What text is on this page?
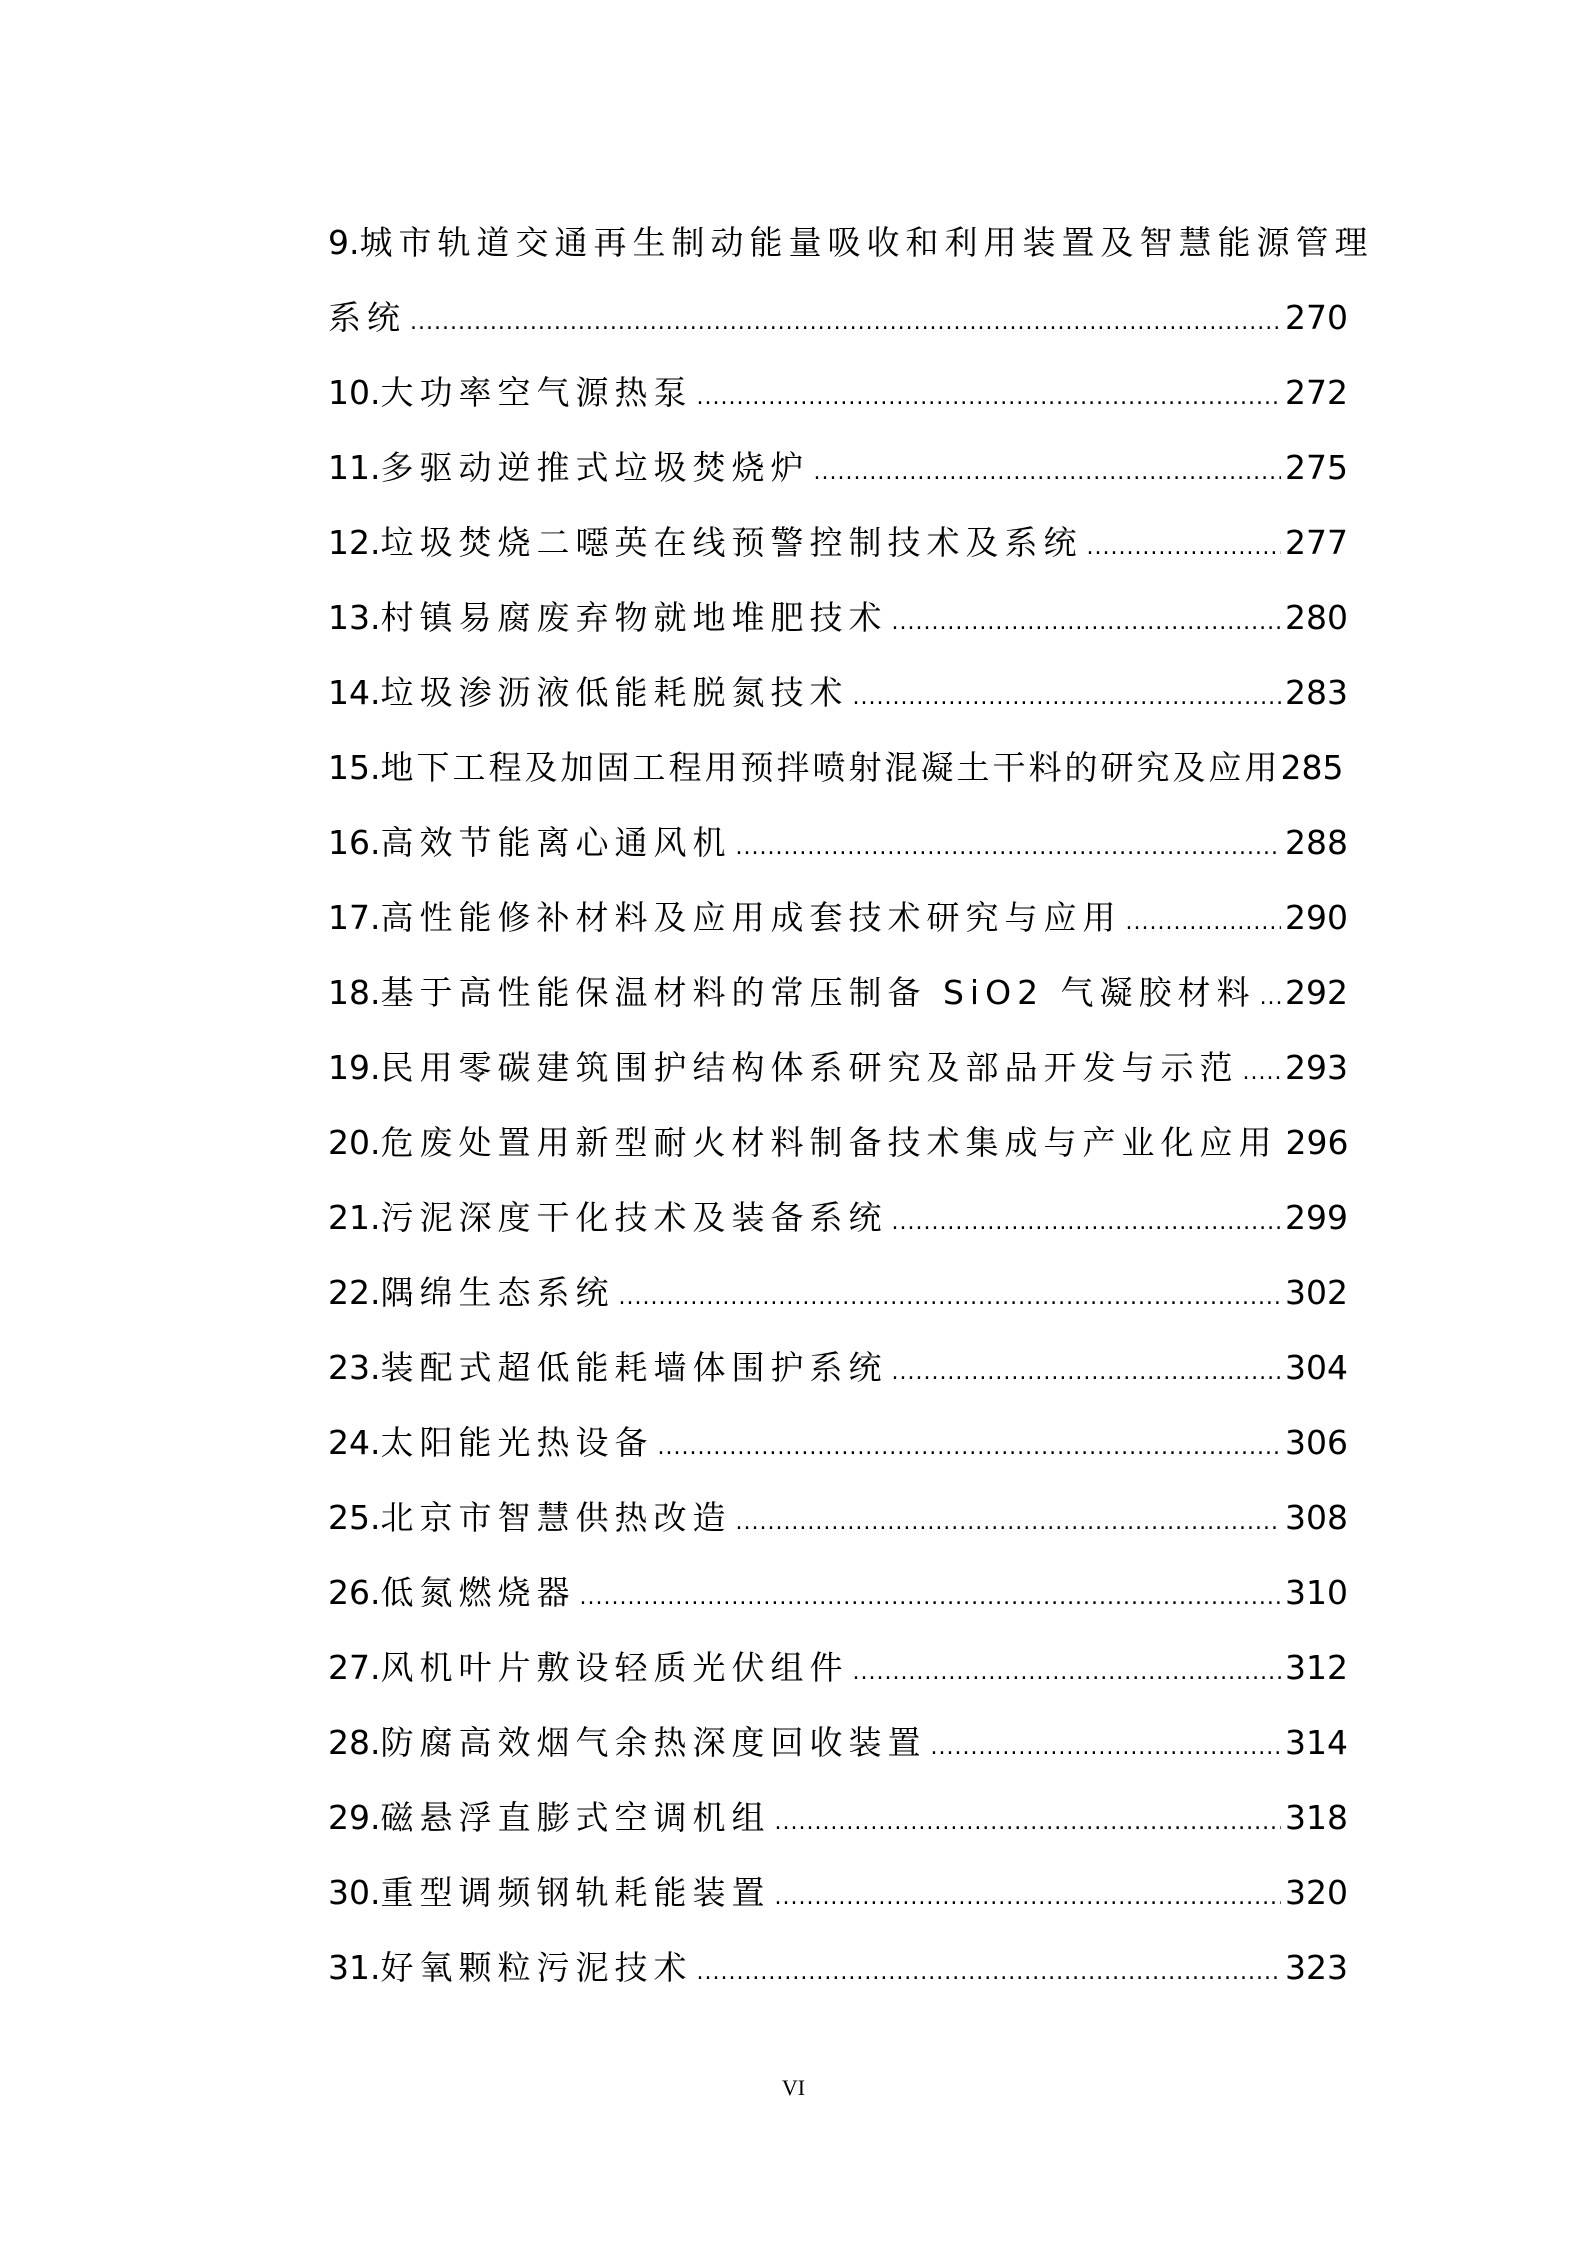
9. 城市轨道交通再生制动能量吸收和利用装置及智慧能源管理
系统 .....	270
10. 大功率空气源热泵 .....	272
11. 多驱动逆推式垃圾焚烧炉 .....	275
12. 垃圾焚烧二噁英在线预警控制技术及系统 .....	277
13. 村镇易腐废弃物就地堆肥技术 .....	280
14. 垃圾渗沥液低能耗脱氮技术 .....	283
15. 地下工程及加固工程用预拌喷射混凝土干料的研究及应用 285
16. 高效节能离心通风机 .....	288
17. 高性能修补材料及应用成套技术研究与应用 .....	290
18. 基于高性能保温材料的常压制备 SiO2 气凝胶材料 ..... 292
19. 民用零碳建筑围护结构体系研究及部品开发与示范 ..... 293
20. 危废处置用新型耐火材料制备技术集成与产业化应用 296
21. 污泥深度干化技术及装备系统 .....	299
22. 隅绵生态系统 .....	302
23. 装配式超低能耗墙体围护系统 .....	304
24. 太阳能光热设备 .....	306
25. 北京市智慧供热改造 .....	308
26. 低氮燃烧器 .....	310
27. 风机叶片敷设轻质光伏组件 .....	312
28. 防腐高效烟气余热深度回收装置 .....	314
29. 磁悬浮直膨式空调机组 .....	318
30. 重型调频钢轨耗能装置 .....	320
31. 好氧颗粒污泥技术 .....	323
VI
